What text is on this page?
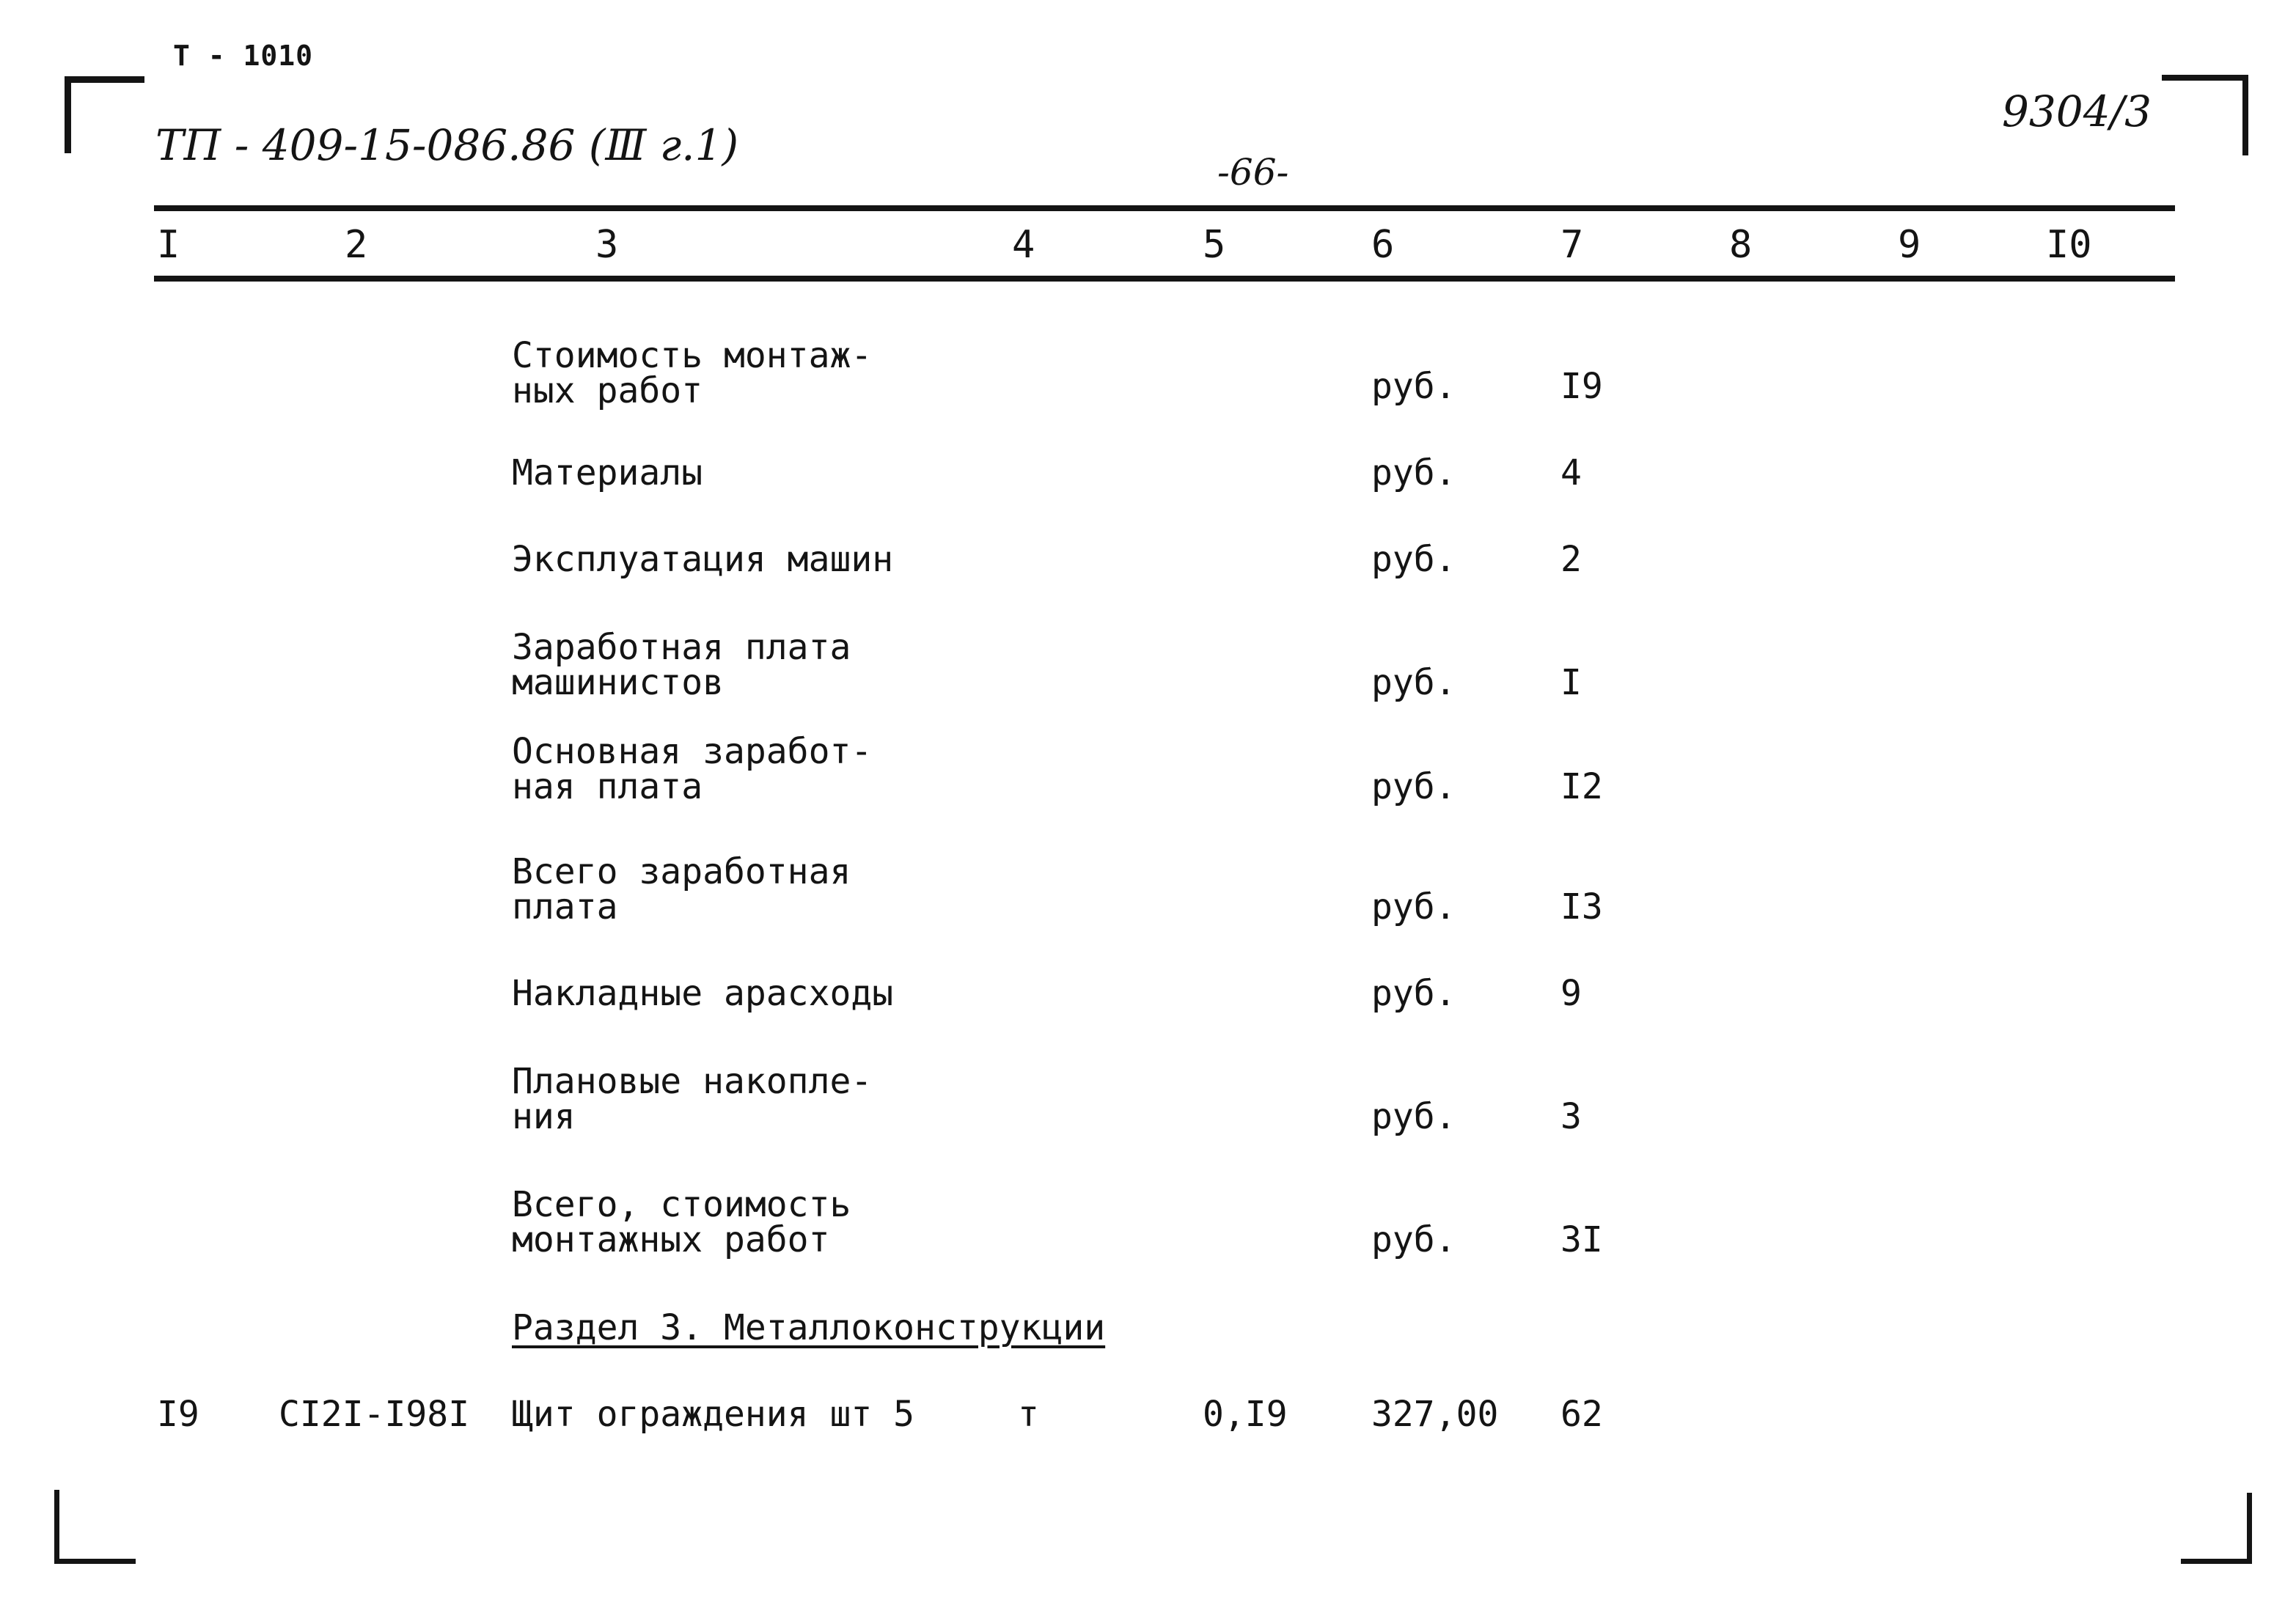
Т - 1010
ТП - 409-15-086.86 (Ⅲ г.1)
-66-
9304/3
I	2	3	4	5	6	7	8	9	I0
Стоимость монтаж-
ных работ	руб.	I9
Материалы	руб.	4
Эксплуатация машин	руб.	2
Заработная плата
машинистов	руб.	I
Основная заработ-
ная плата	руб.	I2
Всего заработная
плата	руб.	I3
Накладные арасходы	руб.	9
Плановые накопле-
ния	руб.	3
Всего, стоимость
монтажных работ	руб.	3I
Раздел 3. Металлоконструкции
I9 CI2I-I98I Щит ограждения шт 5	т	0,I9 327,00 62
